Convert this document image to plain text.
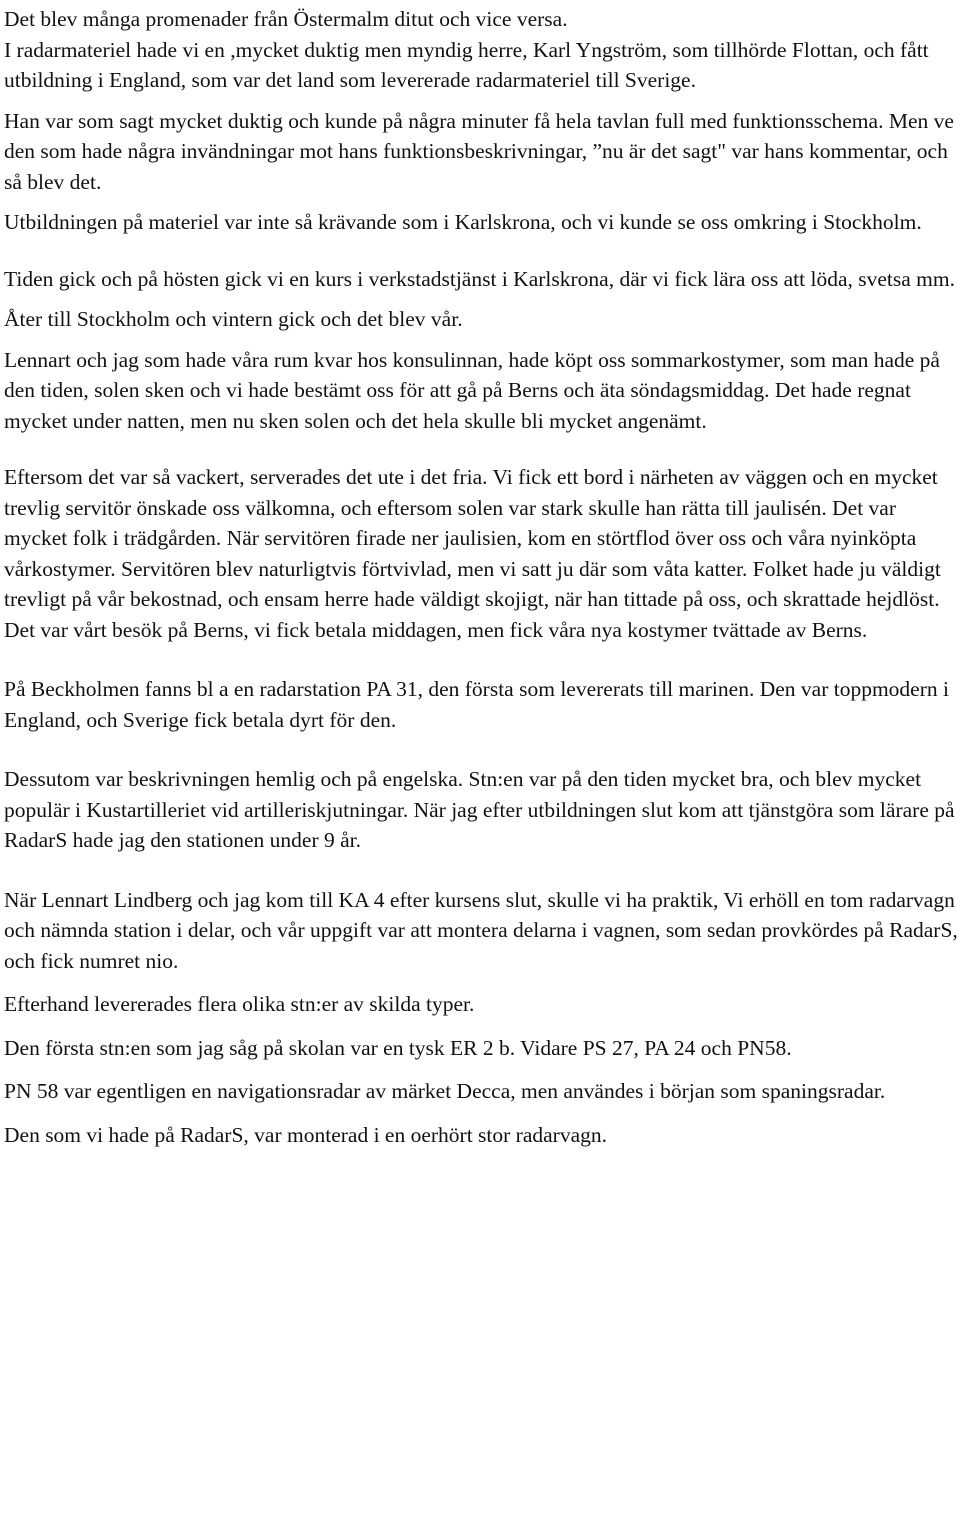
Det blev många promenader från Östermalm ditut och vice versa.

I radarmateriel hade vi en ,mycket duktig men myndig herre, Karl Yngström, som tillhörde Flottan, och fått utbildning i England, som var det land som levererade radarmateriel till Sverige.

Han var som sagt mycket duktig och kunde på några minuter få hela tavlan full med funktionsschema. Men ve den som hade några invändningar mot hans funktionsbeskrivningar, ”nu är det sagt" var hans kommentar, och så blev det.

Utbildningen på materiel var inte så krävande som i Karlskrona, och vi kunde se oss omkring i Stockholm.

Tiden gick och på hösten gick vi en kurs i verkstadstjänst i Karlskrona, där vi fick lära oss att löda, svetsa mm.

Åter till Stockholm och vintern gick och det blev vår.

Lennart och jag som hade våra rum kvar hos konsulinnan, hade köpt oss sommarkostymer, som man hade på den tiden, solen sken och vi hade bestämt oss för att gå på Berns och äta söndagsmiddag. Det hade regnat mycket under natten, men nu sken solen och det hela skulle bli mycket angenämt.

Eftersom det var så vackert, serverades det ute i det fria. Vi fick ett bord i närheten av väggen och en mycket trevlig servitör önskade oss välkomna, och eftersom solen var stark skulle han rätta till jaulisén. Det var mycket folk i trädgården. När servitören firade ner jaulisien, kom en störtflod över oss och våra nyinköpta vårkostymer. Servitören blev naturligtvis förtvivlad, men vi satt ju där som våta katter. Folket hade ju väldigt trevligt på vår bekostnad, och ensam herre hade väldigt skojigt, när han tittade på oss, och skrattade hejdlöst. Det var vårt besök på Berns, vi fick betala middagen, men fick våra nya kostymer tvättade av Berns.

På Beckholmen fanns bl a en radarstation PA 31, den första som levererats till marinen. Den var toppmodern i England, och Sverige fick betala dyrt för den.

Dessutom var beskrivningen hemlig och på engelska. Stn:en var på den tiden mycket bra, och blev mycket populär i Kustartilleriet vid artilleriskjutningar. När jag efter utbildningen slut kom att tjänstgöra som lärare på RadarS hade jag den stationen under 9 år.

När Lennart Lindberg och jag kom till KA 4 efter kursens slut, skulle vi ha praktik, Vi erhöll en tom radarvagn och nämnda station i delar, och vår uppgift var att montera delarna i vagnen, som sedan provkördes på RadarS, och fick numret nio.

Efterhand levererades flera olika stn:er av skilda typer.

Den första stn:en som jag såg på skolan var en tysk ER 2 b. Vidare PS 27, PA 24 och PN58.

PN 58 var egentligen en navigationsradar av märket Decca, men användes i början som spaningsradar.

Den som vi hade på RadarS, var monterad i en oerhört stor radarvagn.
